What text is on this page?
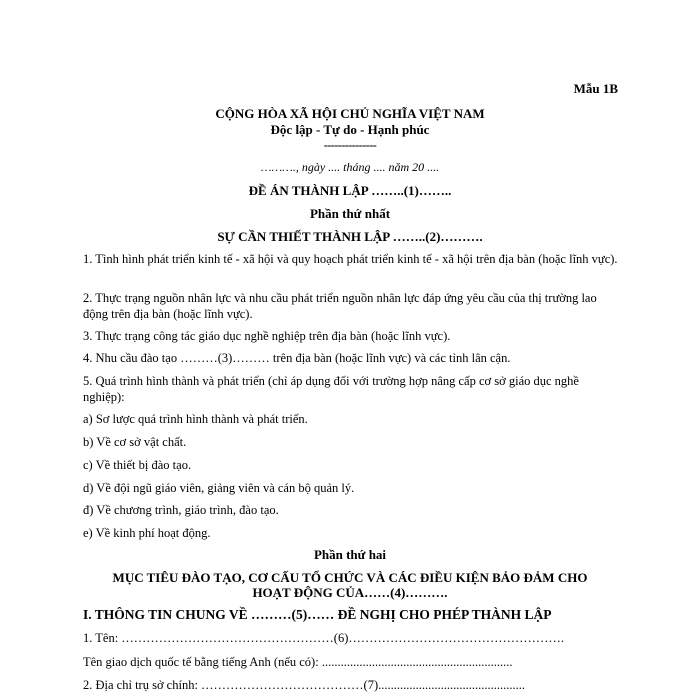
Mẫu 1B
CỘNG HÒA XÃ HỘI CHỦ NGHĨA VIỆT NAM
Độc lập - Tự do - Hạnh phúc
---------------
………., ngày .... tháng .... năm 20 ....
ĐỀ ÁN THÀNH LẬP ……..(1)……..
Phần thứ nhất
SỰ CẦN THIẾT THÀNH LẬP ……..(2)……….
1. Tình hình phát triển kinh tế - xã hội và quy hoạch phát triển kinh tế - xã hội trên địa bàn (hoặc lĩnh vực).
2. Thực trạng nguồn nhân lực và nhu cầu phát triển nguồn nhân lực đáp ứng yêu cầu của thị trường lao động trên địa bàn (hoặc lĩnh vực).
3. Thực trạng công tác giáo dục nghề nghiệp trên địa bàn (hoặc lĩnh vực).
4. Nhu cầu đào tạo ………(3)……… trên địa bàn (hoặc lĩnh vực) và các tỉnh lân cận.
5. Quá trình hình thành và phát triển (chỉ áp dụng đối với trường hợp nâng cấp cơ sở giáo dục nghề nghiệp):
a) Sơ lược quá trình hình thành và phát triển.
b) Về cơ sở vật chất.
c) Về thiết bị đào tạo.
d) Về đội ngũ giáo viên, giảng viên và cán bộ quản lý.
đ) Về chương trình, giáo trình, đào tạo.
e) Về kinh phí hoạt động.
Phần thứ hai
MỤC TIÊU ĐÀO TẠO, CƠ CẤU TỔ CHỨC VÀ CÁC ĐIỀU KIỆN BẢO ĐẢM CHO
HOẠT ĐỘNG CỦA……(4)……….
I. THÔNG TIN CHUNG VỀ ………(5)…… ĐỀ NGHỊ CHO PHÉP THÀNH LẬP
1. Tên: ……………………………………………(6)…………………………………………….
Tên giao dịch quốc tế bằng tiếng Anh (nếu có): .............................................................
2. Địa chỉ trụ sở chính: …………………………………(7)...............................................
